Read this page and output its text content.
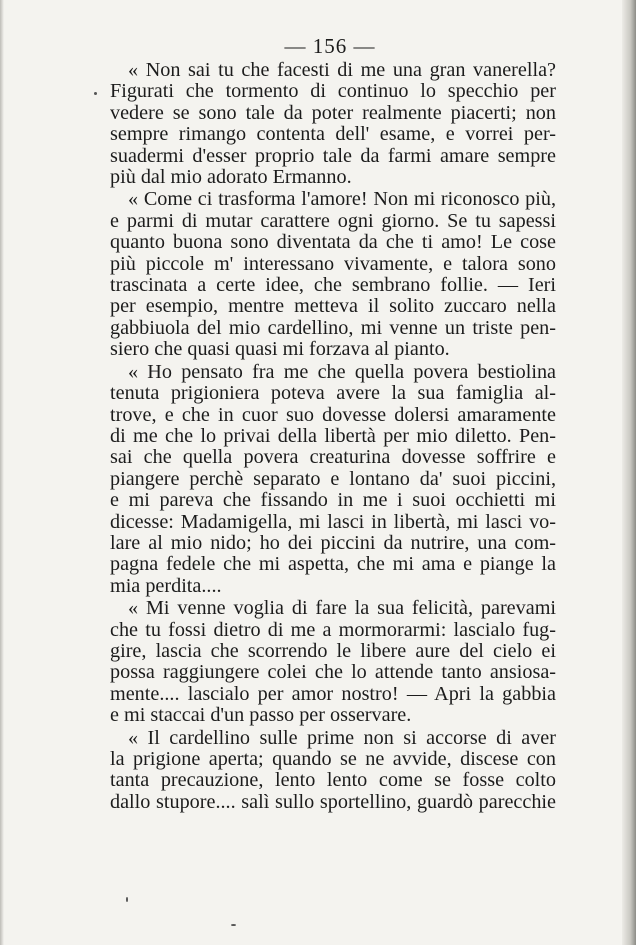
— 156 —
« Non sai tu che facesti di me una gran vanerella?
Figurati che tormento di continuo lo specchio per
vedere se sono tale da poter realmente piacerti; non
sempre rimango contenta dell' esame, e vorrei per-
suadermi d'esser proprio tale da farmi amare sempre
più dal mio adorato Ermanno.
« Come ci trasforma l'amore! Non mi riconosco più,
e parmi di mutar carattere ogni giorno. Se tu sapessi
quanto buona sono diventata da che ti amo! Le cose
più piccole m' interessano vivamente, e talora sono
trascinata a certe idee, che sembrano follie. — Ieri
per esempio, mentre metteva il solito zuccaro nella
gabbiuola del mio cardellino, mi venne un triste pen-
siero che quasi quasi mi forzava al pianto.
« Ho pensato fra me che quella povera bestiolina
tenuta prigioniera poteva avere la sua famiglia al-
trove, e che in cuor suo dovesse dolersi amaramente
di me che lo privai della libertà per mio diletto. Pen-
sai che quella povera creaturina dovesse soffrire e
piangere perchè separato e lontano da' suoi piccini,
e mi pareva che fissando in me i suoi occhietti mi
dicesse: Madamigella, mi lasci in libertà, mi lasci vo-
lare al mio nido; ho dei piccini da nutrire, una com-
pagna fedele che mi aspetta, che mi ama e piange la
mia perdita....
« Mi venne voglia di fare la sua felicità, parevami
che tu fossi dietro di me a mormorarmi: lascialo fug-
gire, lascia che scorrendo le libere aure del cielo ei
possa raggiungere colei che lo attende tanto ansiosa-
mente.... lascialo per amor nostro! — Apri la gabbia
e mi staccai d'un passo per osservare.
« Il cardellino sulle prime non si accorse di aver
la prigione aperta; quando se ne avvide, discese con
tanta precauzione, lento lento come se fosse colto
dallo stupore.... salì sullo sportellino, guardò parecchie
